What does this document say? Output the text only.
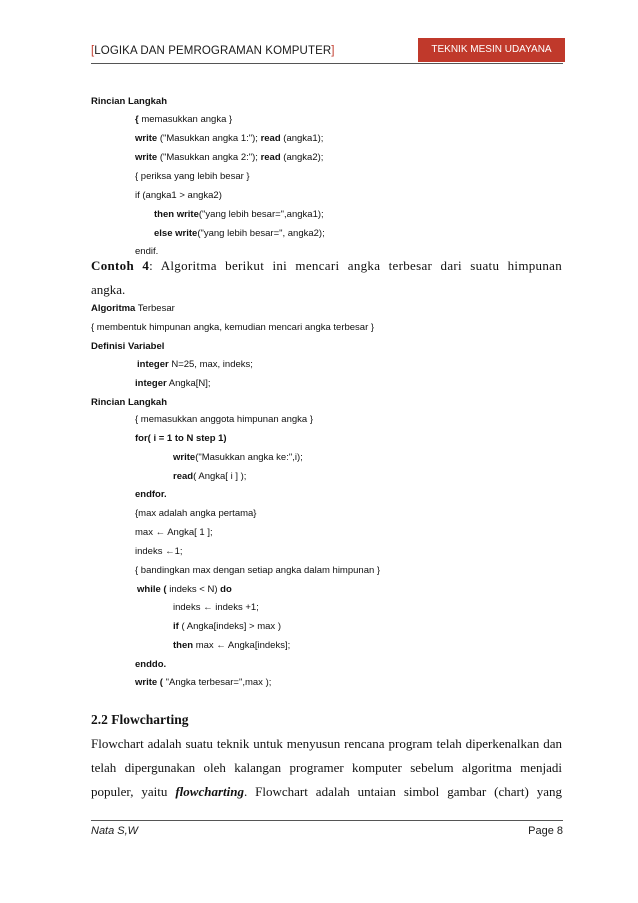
[LOGIKA DAN PEMROGRAMAN KOMPUTER]	TEKNIK MESIN UDAYANA
Rincian Langkah
{ memasukkan angka }
write ("Masukkan angka 1:"); read (angka1);
write ("Masukkan angka 2:"); read (angka2);
{ periksa yang lebih besar }
if (angka1 > angka2)
then write("yang lebih besar=",angka1);
else write("yang lebih besar=", angka2);
endif.
Contoh 4: Algoritma berikut ini mencari angka terbesar dari suatu himpunan
angka.
Algoritma Terbesar
{ membentuk himpunan angka, kemudian mencari angka terbesar }
Definisi Variabel
integer N=25, max, indeks;
integer Angka[N];
Rincian Langkah
{ memasukkan anggota himpunan angka }
for( i = 1 to N step 1)
write("Masukkan angka ke:",i);
read( Angka[ i ] );
endfor.
{max adalah angka pertama}
max ← Angka[ 1 ];
indeks ←1;
{ bandingkan max dengan setiap angka dalam himpunan }
while ( indeks < N) do
indeks ← indeks +1;
if ( Angka[indeks] > max )
then max ← Angka[indeks];
enddo.
write ( "Angka terbesar=",max );
2.2 Flowcharting
Flowchart adalah suatu teknik untuk menyusun rencana program telah diperkenalkan dan
telah dipergunakan oleh kalangan programer komputer sebelum algoritma menjadi
populer, yaitu flowcharting. Flowchart adalah untaian simbol gambar (chart) yang
Nata S,W	Page 8
